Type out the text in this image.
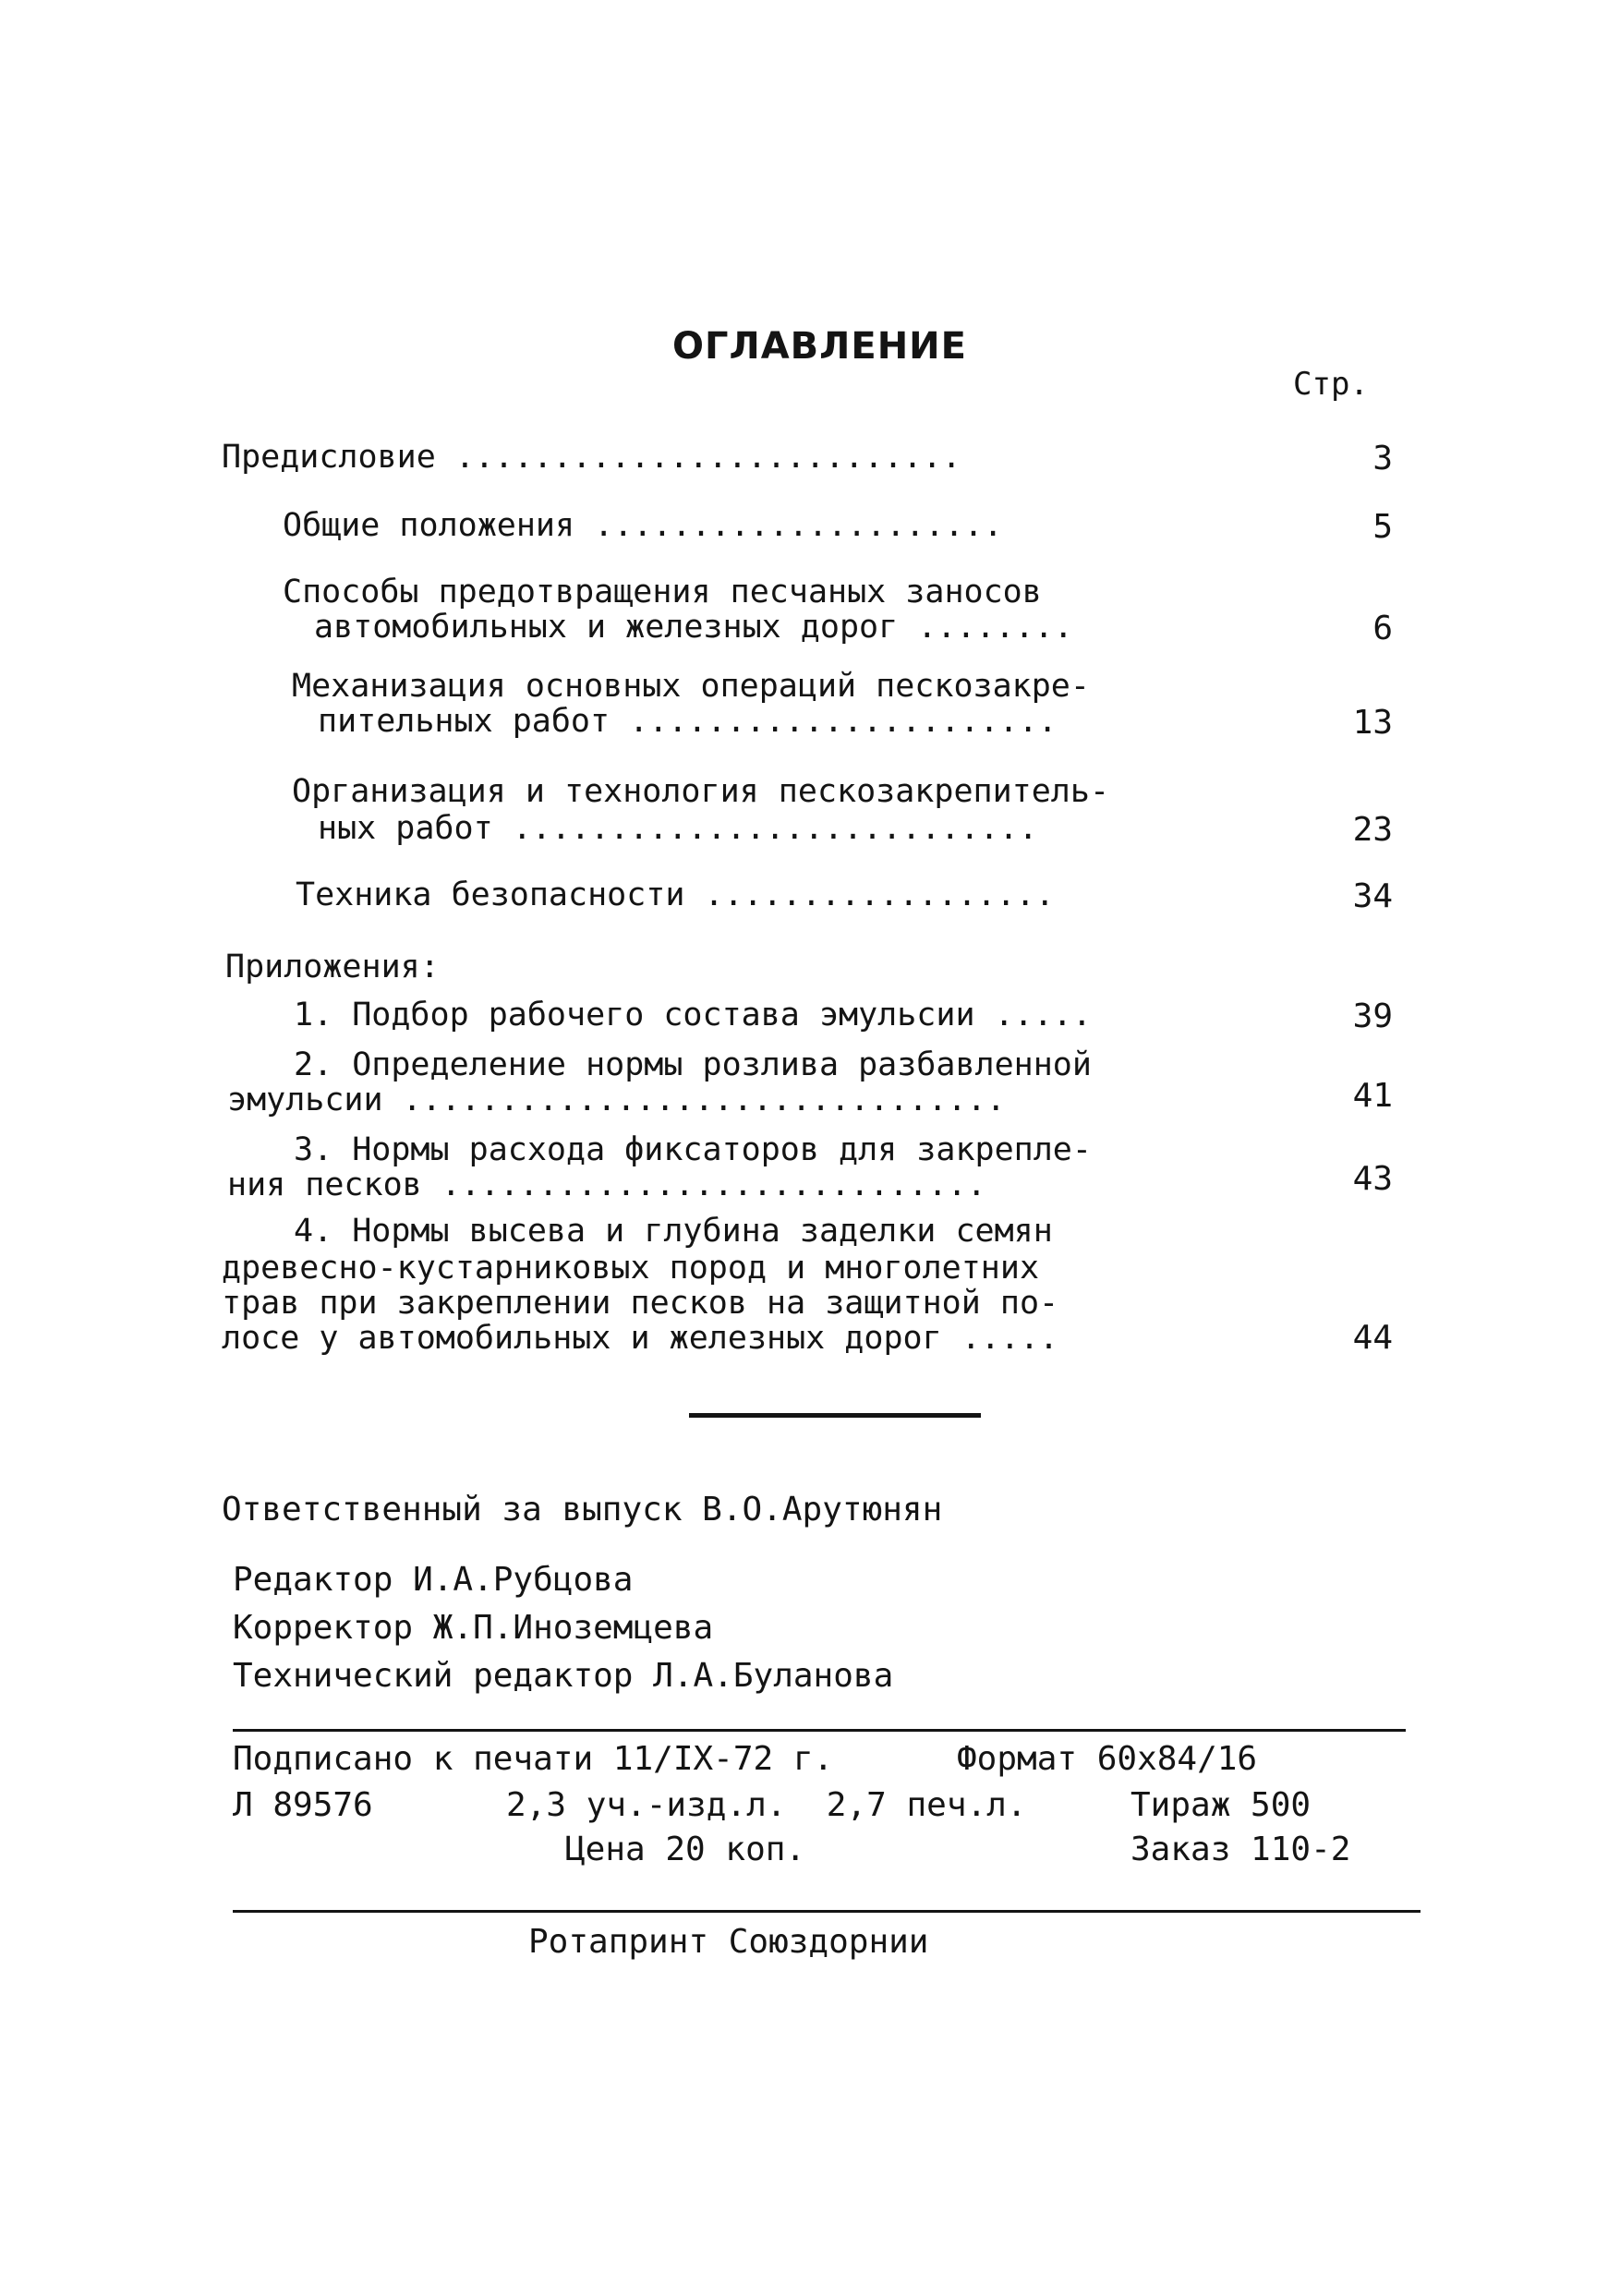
ОГЛАВЛЕНИЕ
Стр.
Предисловие ..........................	3
Общие положения .....................	5
Способы предотвращения песчаных заносов
автомобильных и железных дорог ........	6
Механизация основных операций пескозакре-
пительных работ ......................	13
Организация и технология пескозакрепитель-
ных работ ...........................	23
Техника безопасности ..................	34
Приложения:
1. Подбор рабочего состава эмульсии .....	39
2. Определение нормы розлива разбавленной
эмульсии ...............................	41
3. Нормы расхода фиксаторов для закрепле-
ния песков ............................	43
4. Нормы высева и глубина заделки семян
древесно-кустарниковых пород и многолетних
трав при закреплении песков на защитной по-
лосе у автомобильных и железных дорог .....	44
Ответственный за выпуск В.О.Арутюнян
Редактор И.А.Рубцова
Корректор Ж.П.Иноземцева
Технический редактор Л.А.Буланова
Подписано к печати 11/IX-72 г.	Формат 60x84/16
Л 89576	2,3 уч.-изд.л.  2,7 печ.л.	Тираж 500
Цена 20 коп.	Заказ 110-2
Ротапринт Союздорнии
